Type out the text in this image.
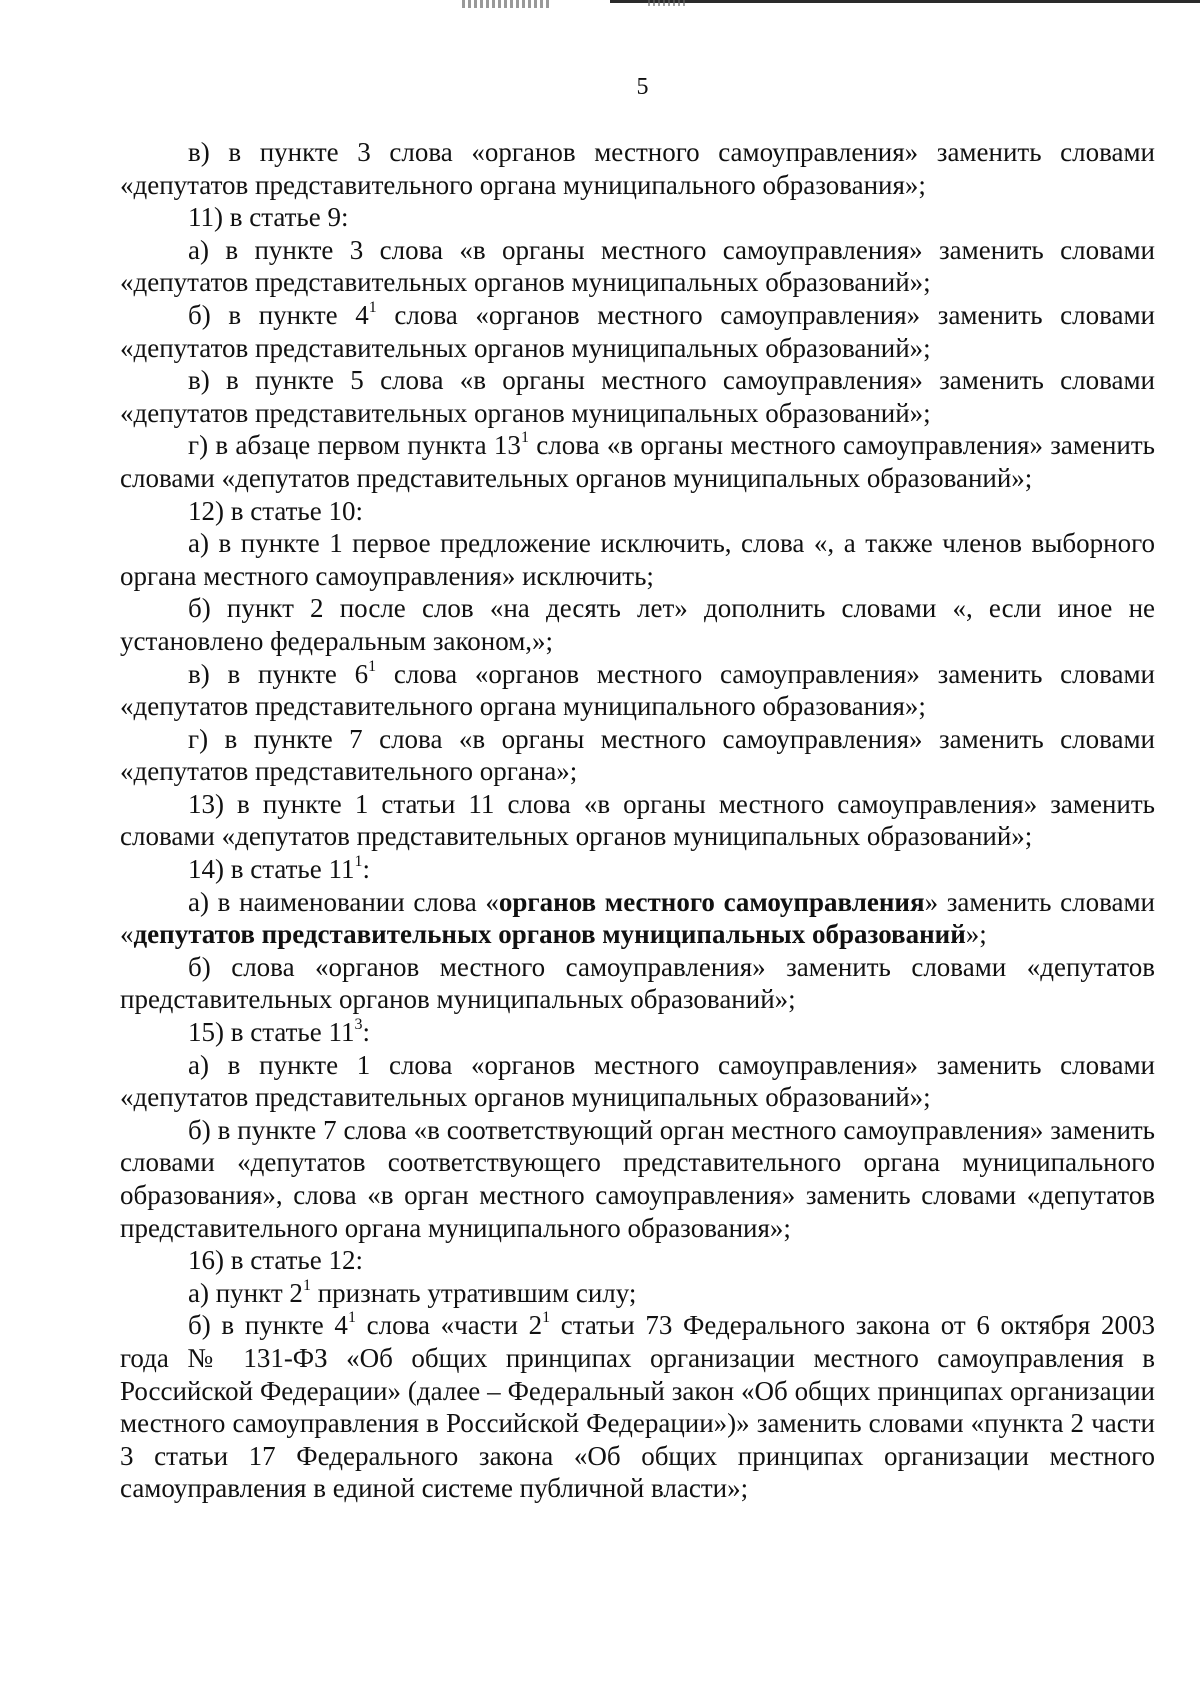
5

в) в пункте 3 слова «органов местного самоуправления» заменить словами «депутатов представительного органа муниципального образования»;

11) в статье 9:

а) в пункте 3 слова «в органы местного самоуправления» заменить словами «депутатов представительных органов муниципальных образований»;

б) в пункте $4^1$ слова «органов местного самоуправления» заменить словами «депутатов представительных органов муниципальных образований»;

в) в пункте 5 слова «в органы местного самоуправления» заменить словами «депутатов представительных органов муниципальных образований»;

г) в абзаце первом пункта $13^1$ слова «в органы местного самоуправления» заменить словами «депутатов представительных органов муниципальных образований»;

12) в статье 10:

а) в пункте 1 первое предложение исключить, слова «, а также членов выборного органа местного самоуправления» исключить;

б) пункт 2 после слов «на десять лет» дополнить словами «, если иное не установлено федеральным законом,»;

в) в пункте $6^1$ слова «органов местного самоуправления» заменить словами «депутатов представительного органа муниципального образования»;

г) в пункте 7 слова «в органы местного самоуправления» заменить словами «депутатов представительного органа»;

13) в пункте 1 статьи 11 слова «в органы местного самоуправления» заменить словами «депутатов представительных органов муниципальных образований»;

14) в статье $11^1$:

а) в наименовании слова «органов местного самоуправления» заменить словами «депутатов представительных органов муниципальных образований»;

б) слова «органов местного самоуправления» заменить словами «депутатов представительных органов муниципальных образований»;

15) в статье $11^3$:

а) в пункте 1 слова «органов местного самоуправления» заменить словами «депутатов представительных органов муниципальных образований»;

б) в пункте 7 слова «в соответствующий орган местного самоуправления» заменить словами «депутатов соответствующего представительного органа муниципального образования», слова «в орган местного самоуправления» заменить словами «депутатов представительного органа муниципального образования»;

16) в статье 12:

а) пункт $2^1$ признать утратившим силу;

б) в пункте $4^1$ слова «части $2^1$ статьи 73 Федерального закона от 6 октября 2003 года № 131-ФЗ «Об общих принципах организации местного самоуправления в Российской Федерации» (далее – Федеральный закон «Об общих принципах организации местного самоуправления в Российской Федерации»)» заменить словами «пункта 2 части 3 статьи 17 Федерального закона «Об общих принципах организации местного самоуправления в единой системе публичной власти»;
